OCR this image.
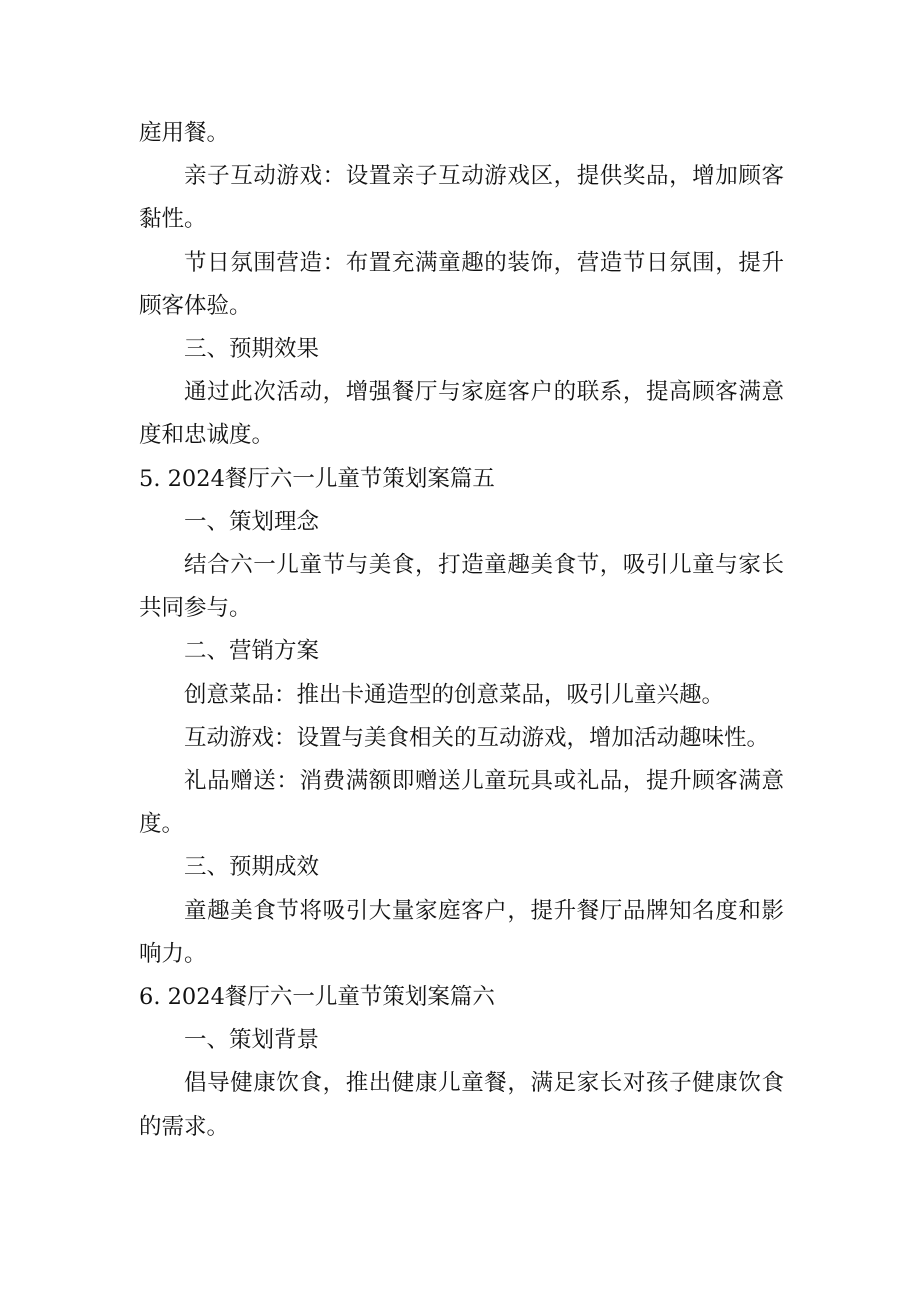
庭用餐。

亲子互动游戏：设置亲子互动游戏区，提供奖品，增加顾客黏性。

节日氛围营造：布置充满童趣的装饰，营造节日氛围，提升顾客体验。

三、预期效果

通过此次活动，增强餐厅与家庭客户的联系，提高顾客满意度和忠诚度。

5. 2024餐厅六一儿童节策划案篇五

一、策划理念

结合六一儿童节与美食，打造童趣美食节，吸引儿童与家长共同参与。

二、营销方案

创意菜品：推出卡通造型的创意菜品，吸引儿童兴趣。

互动游戏：设置与美食相关的互动游戏，增加活动趣味性。

礼品赠送：消费满额即赠送儿童玩具或礼品，提升顾客满意度。

三、预期成效

童趣美食节将吸引大量家庭客户，提升餐厅品牌知名度和影响力。

6. 2024餐厅六一儿童节策划案篇六

一、策划背景

倡导健康饮食，推出健康儿童餐，满足家长对孩子健康饮食的需求。
